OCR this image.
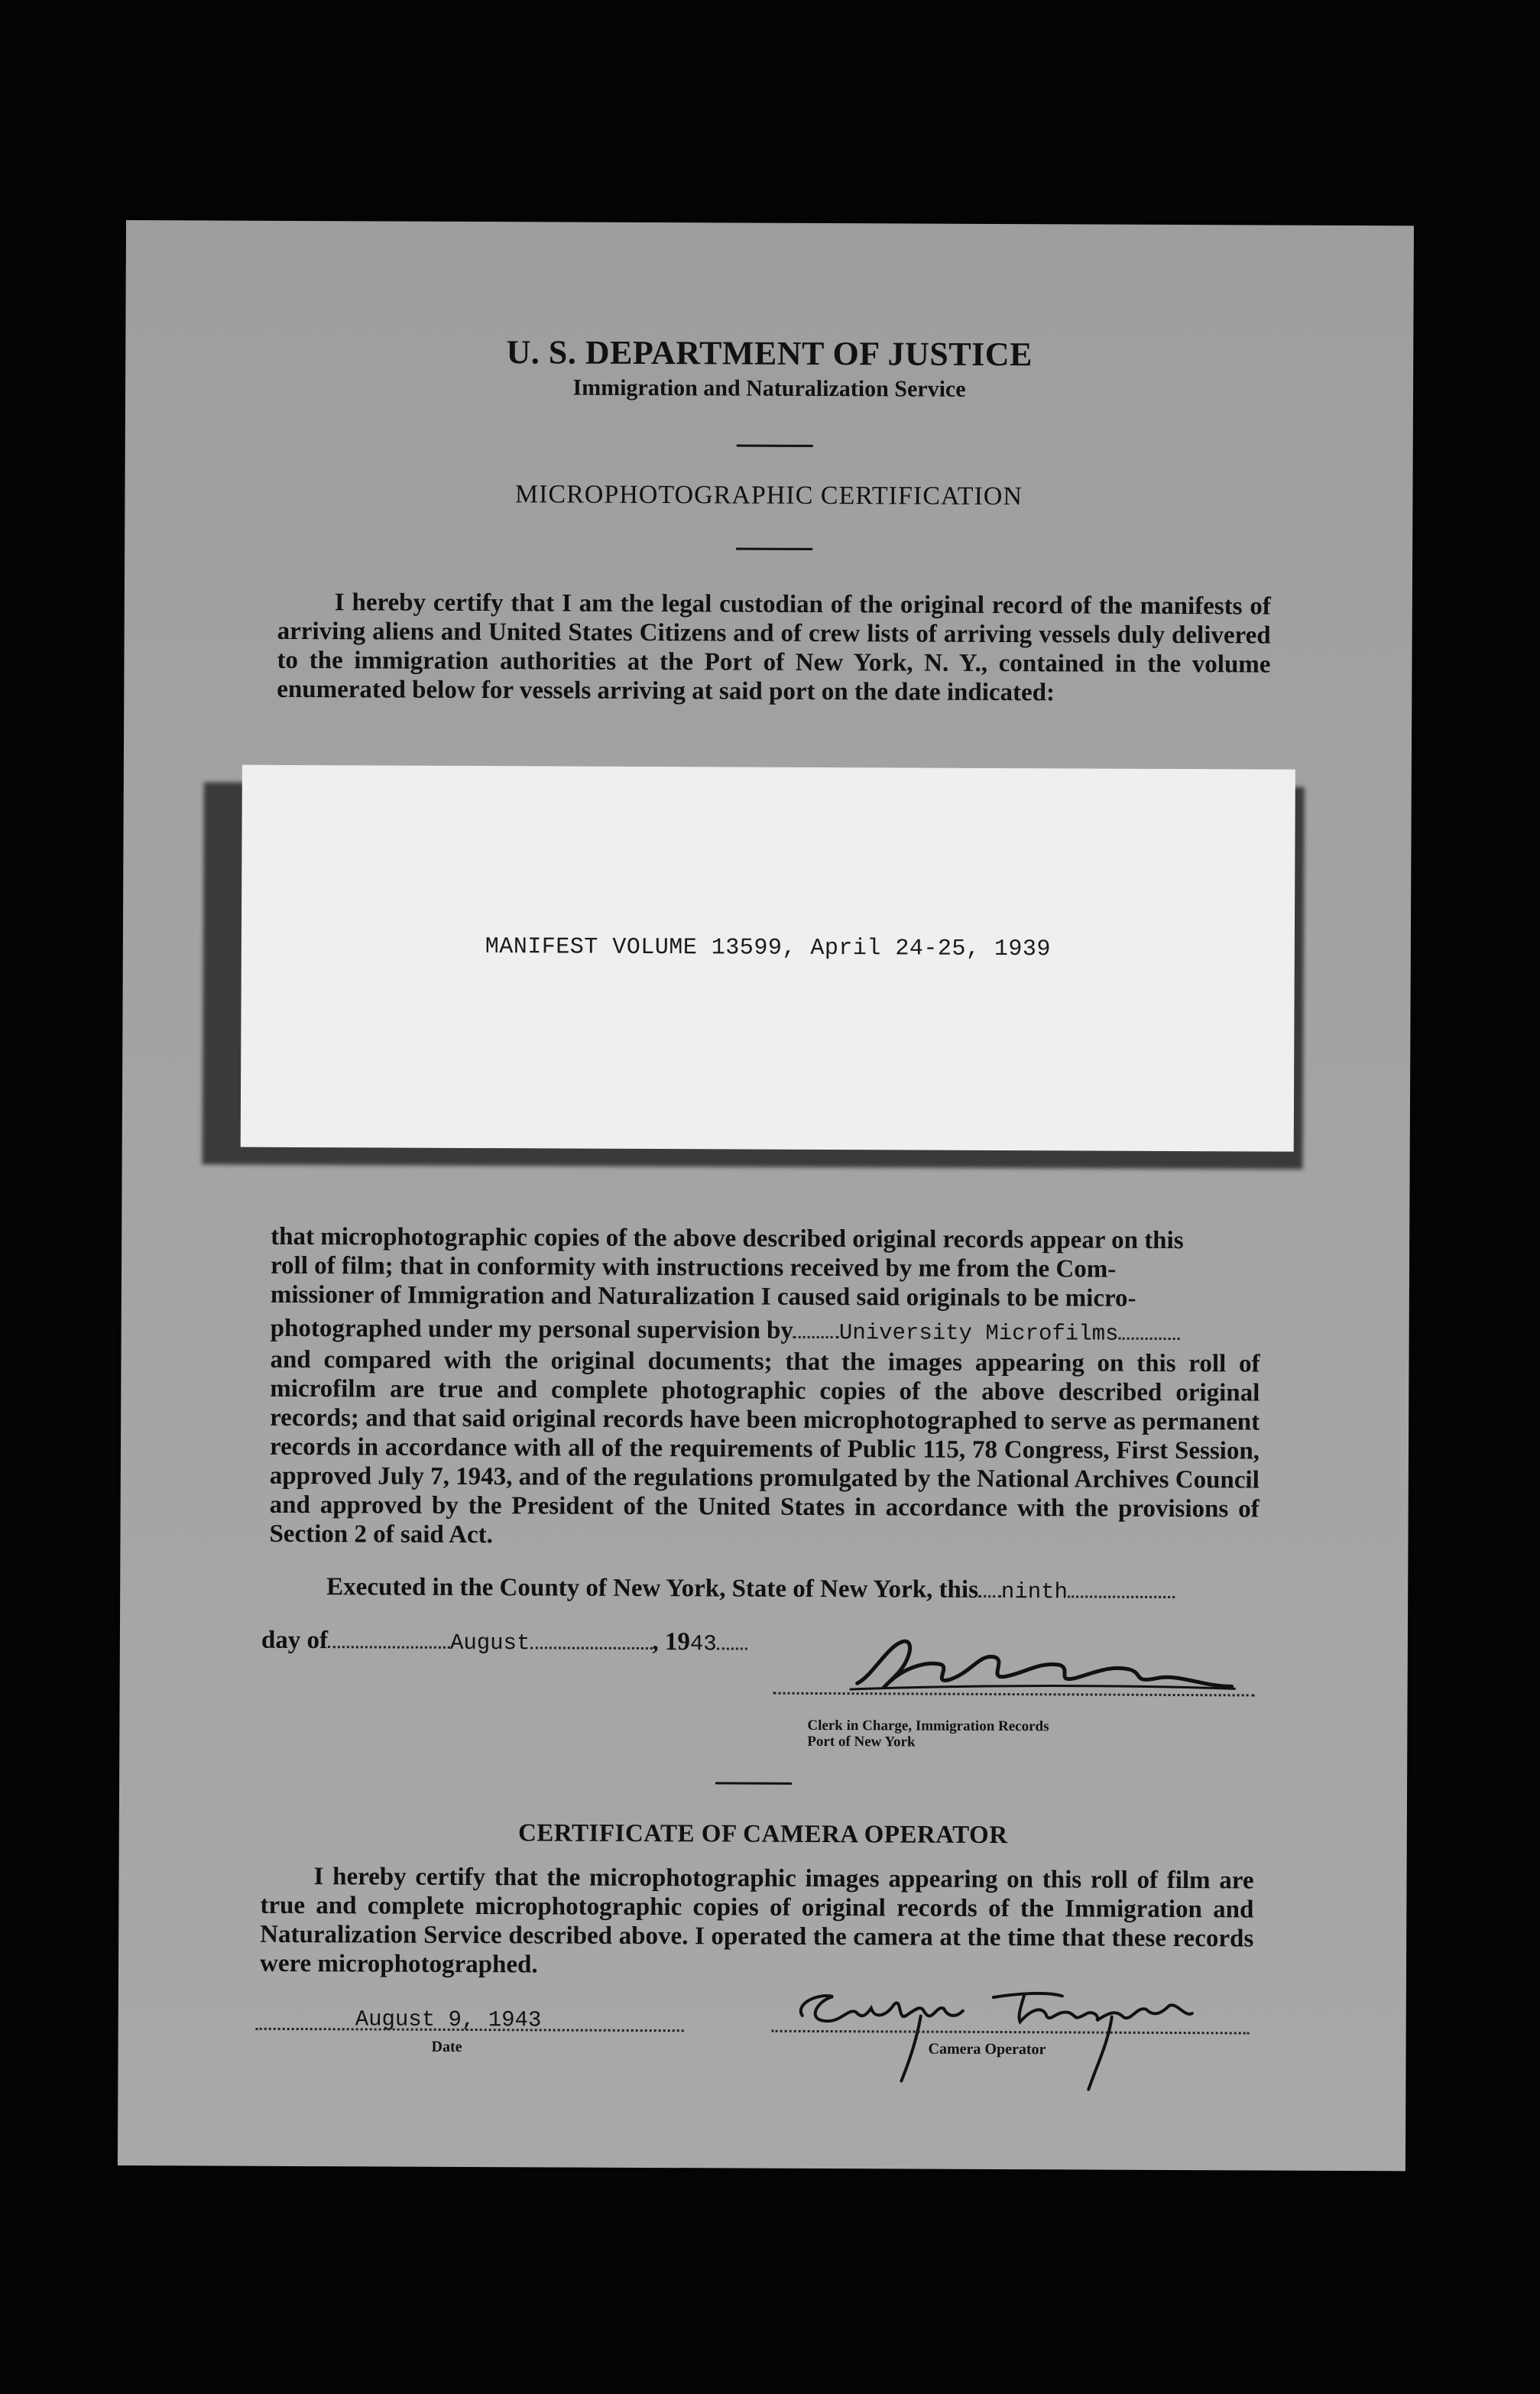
U. S. DEPARTMENT OF JUSTICE
Immigration and Naturalization Service
MICROPHOTOGRAPHIC CERTIFICATION
I hereby certify that I am the legal custodian of the original record of the manifests of arriving aliens and United States Citizens and of crew lists of arriving vessels duly delivered to the immigration authorities at the Port of New York, N. Y., contained in the volume enumerated below for vessels arriving at said port on the date indicated:
MANIFEST VOLUME 13599, April 24-25, 1939
that microphotographic copies of the above described original records appear on this
roll of film; that in conformity with instructions received by me from the Com-
missioner of Immigration and Naturalization I caused said originals to be micro-
photographed under my personal supervision by University Microfilms
and compared with the original documents; that the images appearing on this roll of microfilm are true and complete photographic copies of the above described original records; and that said original records have been microphotographed to serve as permanent records in accordance with all of the requirements of Public 115, 78 Congress, First Session, approved July 7, 1943, and of the regulations promulgated by the National Archives Council and approved by the President of the United States in accordance with the provisions of Section 2 of said Act.
Executed in the County of New York, State of New York, this ninth
day of	August	, 1943
Clerk in Charge, Immigration Records
Port of New York
CERTIFICATE OF CAMERA OPERATOR
I hereby certify that the microphotographic images appearing on this roll of film are true and complete microphotographic copies of original records of the Immigration and Naturalization Service described above. I operated the camera at the time that these records were microphotographed.
August 9, 1943
Date	Camera Operator
